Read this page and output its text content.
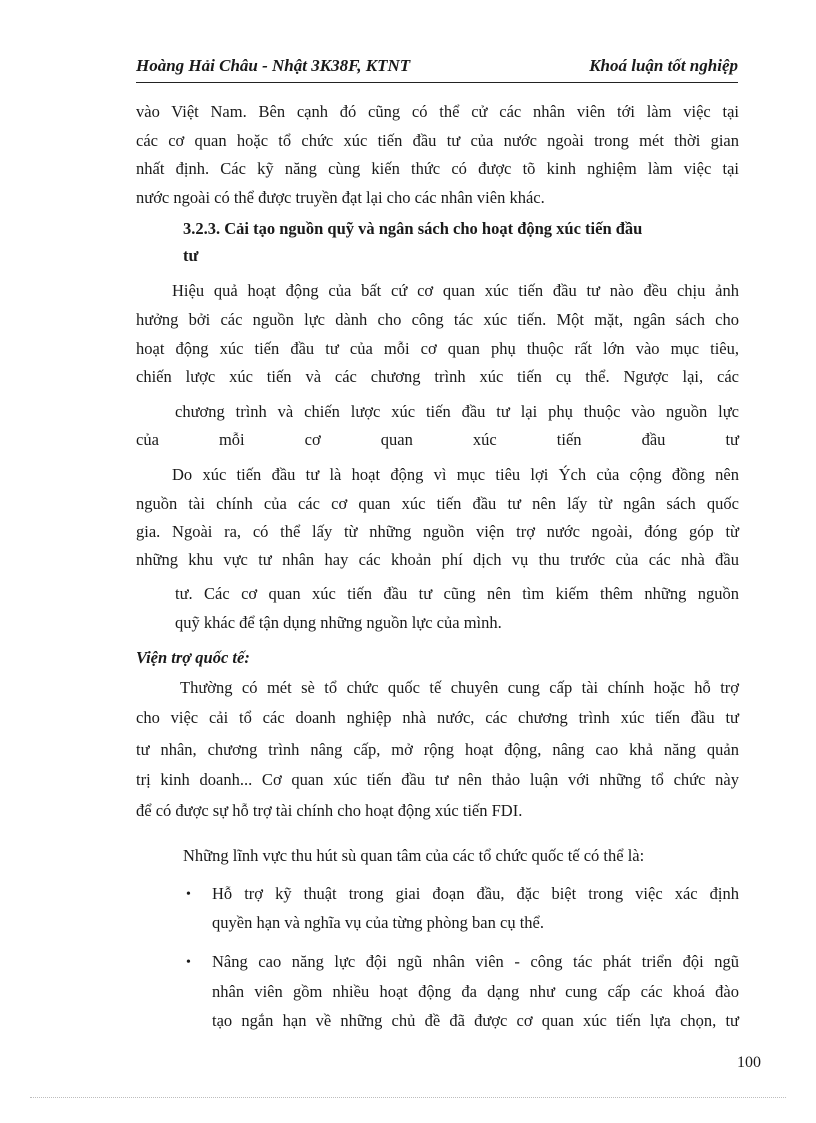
Hoàng Hải Châu - Nhật 3K38F, KTNT	Khoá luận tốt nghiệp
vào Việt Nam. Bên cạnh đó cũng có thể cử các nhân viên tới làm việc tại
các cơ quan hoặc tổ chức xúc tiến đầu tư của nước ngoài trong mét thời gian
nhất định. Các kỹ năng cùng kiến thức có được tõ kinh nghiệm làm việc tại
nước ngoài có thể được truyền đạt lại cho các nhân viên khác.
3.2.3. Cải tạo nguồn quỹ và ngân sách cho hoạt động xúc tiến đầu
tư
Hiệu quả hoạt động của bất cứ cơ quan xúc tiến đầu tư nào đều chịu ảnh
hưởng bởi các nguồn lực dành cho công tác xúc tiến. Một mặt, ngân sách cho
hoạt động xúc tiến đầu tư của mỗi cơ quan phụ thuộc rất lớn vào mục tiêu,
chiến lược xúc tiến và các chương trình xúc tiến cụ thể. Ngược lại, các
chương trình và chiến lược xúc tiến đầu tư lại phụ thuộc vào nguồn lực
của mỗi cơ quan xúc tiến đầu tư
Do xúc tiến đầu tư là hoạt động vì mục tiêu lợi Ých của cộng đồng nên
nguồn tài chính của các cơ quan xúc tiến đầu tư nên lấy từ ngân sách quốc
gia. Ngoài ra, có thể lấy từ những nguồn viện trợ nước ngoài, đóng góp từ
những khu vực tư nhân hay các khoản phí dịch vụ thu trước của các nhà đầu
tư. Các cơ quan xúc tiến đầu tư cũng nên tìm kiếm thêm những nguồn
quỹ khác để tận dụng những nguồn lực của mình.
Viện trợ quốc tế:
Thường có mét sè tổ chức quốc tế chuyên cung cấp tài chính hoặc hỗ trợ
cho việc cải tổ các doanh nghiệp nhà nước, các chương trình xúc tiến đầu tư
tư nhân, chương trình nâng cấp, mở rộng hoạt động, nâng cao khả năng quản
trị kinh doanh... Cơ quan xúc tiến đầu tư nên thảo luận với những tổ chức này
để có được sự hỗ trợ tài chính cho hoạt động xúc tiến FDI.
Những lĩnh vực thu hút sù quan tâm của các tổ chức quốc tế có thể là:
• Hỗ trợ kỹ thuật trong giai đoạn đầu, đặc biệt trong việc xác định
quyền hạn và nghĩa vụ của từng phòng ban cụ thể.
• Nâng cao năng lực đội ngũ nhân viên - công tác phát triển đội ngũ
nhân viên gồm nhiều hoạt động đa dạng như cung cấp các khoá đào
tạo ngắn hạn về những chủ đề đã được cơ quan xúc tiến lựa chọn, tư
100
